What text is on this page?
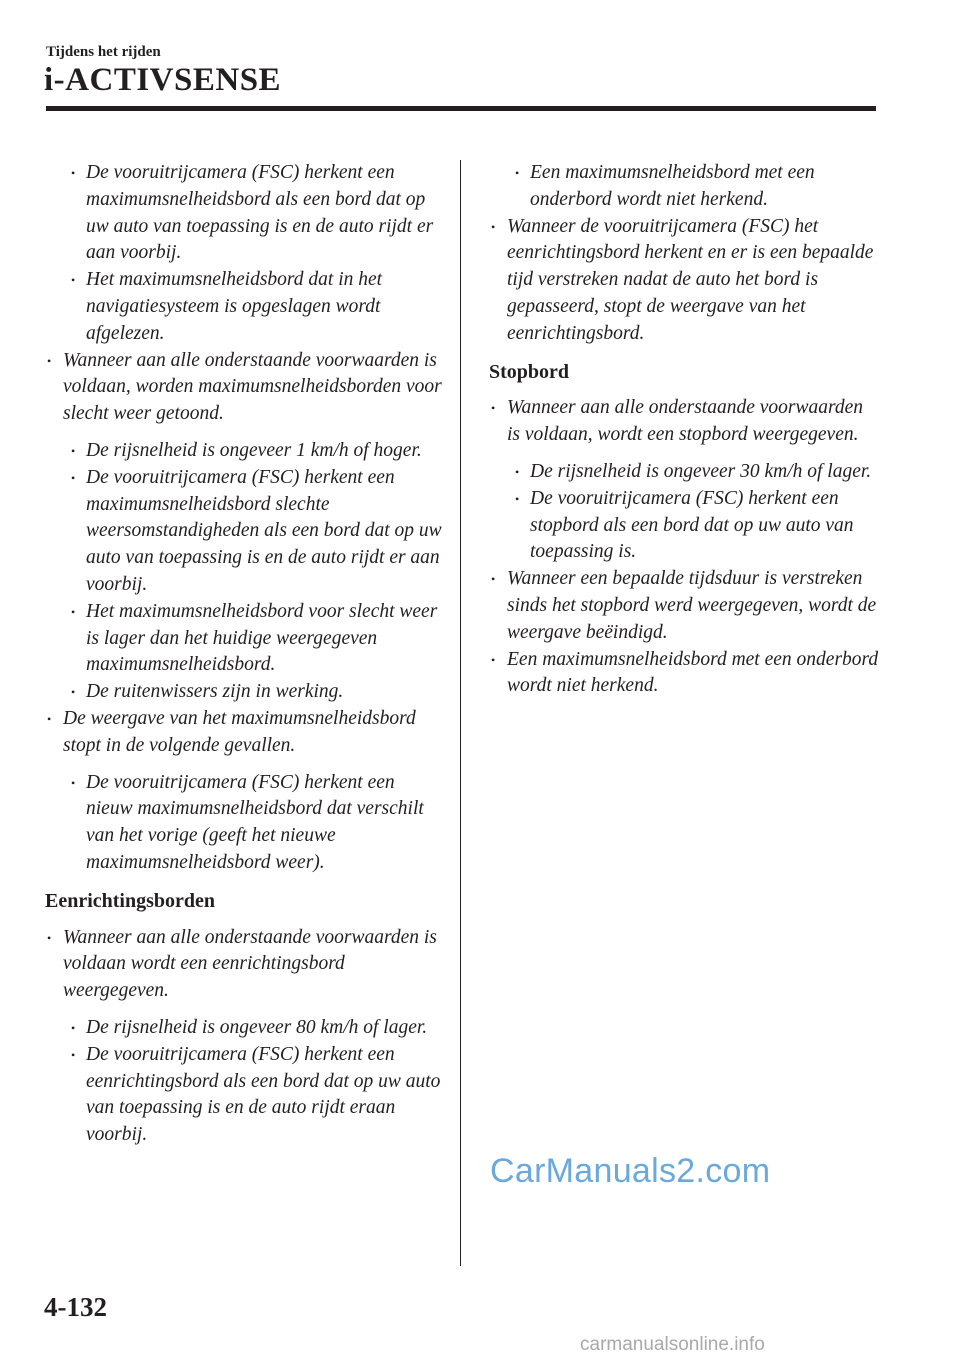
Tijdens het rijden
i-ACTIVSENSE
• De vooruitrijcamera (FSC) herkent een maximumsnelheidsbord als een bord dat op uw auto van toepassing is en de auto rijdt er aan voorbij.
• Het maximumsnelheidsbord dat in het navigatiesysteem is opgeslagen wordt afgelezen.
• Wanneer aan alle onderstaande voorwaarden is voldaan, worden maximumsnelheidsborden voor slecht weer getoond.
• De rijsnelheid is ongeveer 1 km/h of hoger.
• De vooruitrijcamera (FSC) herkent een maximumsnelheidsbord slechte weersomstandigheden als een bord dat op uw auto van toepassing is en de auto rijdt er aan voorbij.
• Het maximumsnelheidsbord voor slecht weer is lager dan het huidige weergegeven maximumsnelheidsbord.
• De ruitenwissers zijn in werking.
• De weergave van het maximumsnelheidsbord stopt in de volgende gevallen.
• De vooruitrijcamera (FSC) herkent een nieuw maximumsnelheidsbord dat verschilt van het vorige (geeft het nieuwe maximumsnelheidsbord weer).
Eenrichtingsborden
• Wanneer aan alle onderstaande voorwaarden is voldaan wordt een eenrichtingsbord weergegeven.
• De rijsnelheid is ongeveer 80 km/h of lager.
• De vooruitrijcamera (FSC) herkent een eenrichtingsbord als een bord dat op uw auto van toepassing is en de auto rijdt eraan voorbij.
• Een maximumsnelheidsbord met een onderbord wordt niet herkend.
• Wanneer de vooruitrijcamera (FSC) het eenrichtingsbord herkent en er is een bepaalde tijd verstreken nadat de auto het bord is gepasseerd, stopt de weergave van het eenrichtingsbord.
Stopbord
• Wanneer aan alle onderstaande voorwaarden is voldaan, wordt een stopbord weergegeven.
• De rijsnelheid is ongeveer 30 km/h of lager.
• De vooruitrijcamera (FSC) herkent een stopbord als een bord dat op uw auto van toepassing is.
• Wanneer een bepaalde tijdsduur is verstreken sinds het stopbord werd weergegeven, wordt de weergave beëindigd.
• Een maximumsnelheidsbord met een onderbord wordt niet herkend.
CarManuals2.com
4-132
carmanualsonline.info
